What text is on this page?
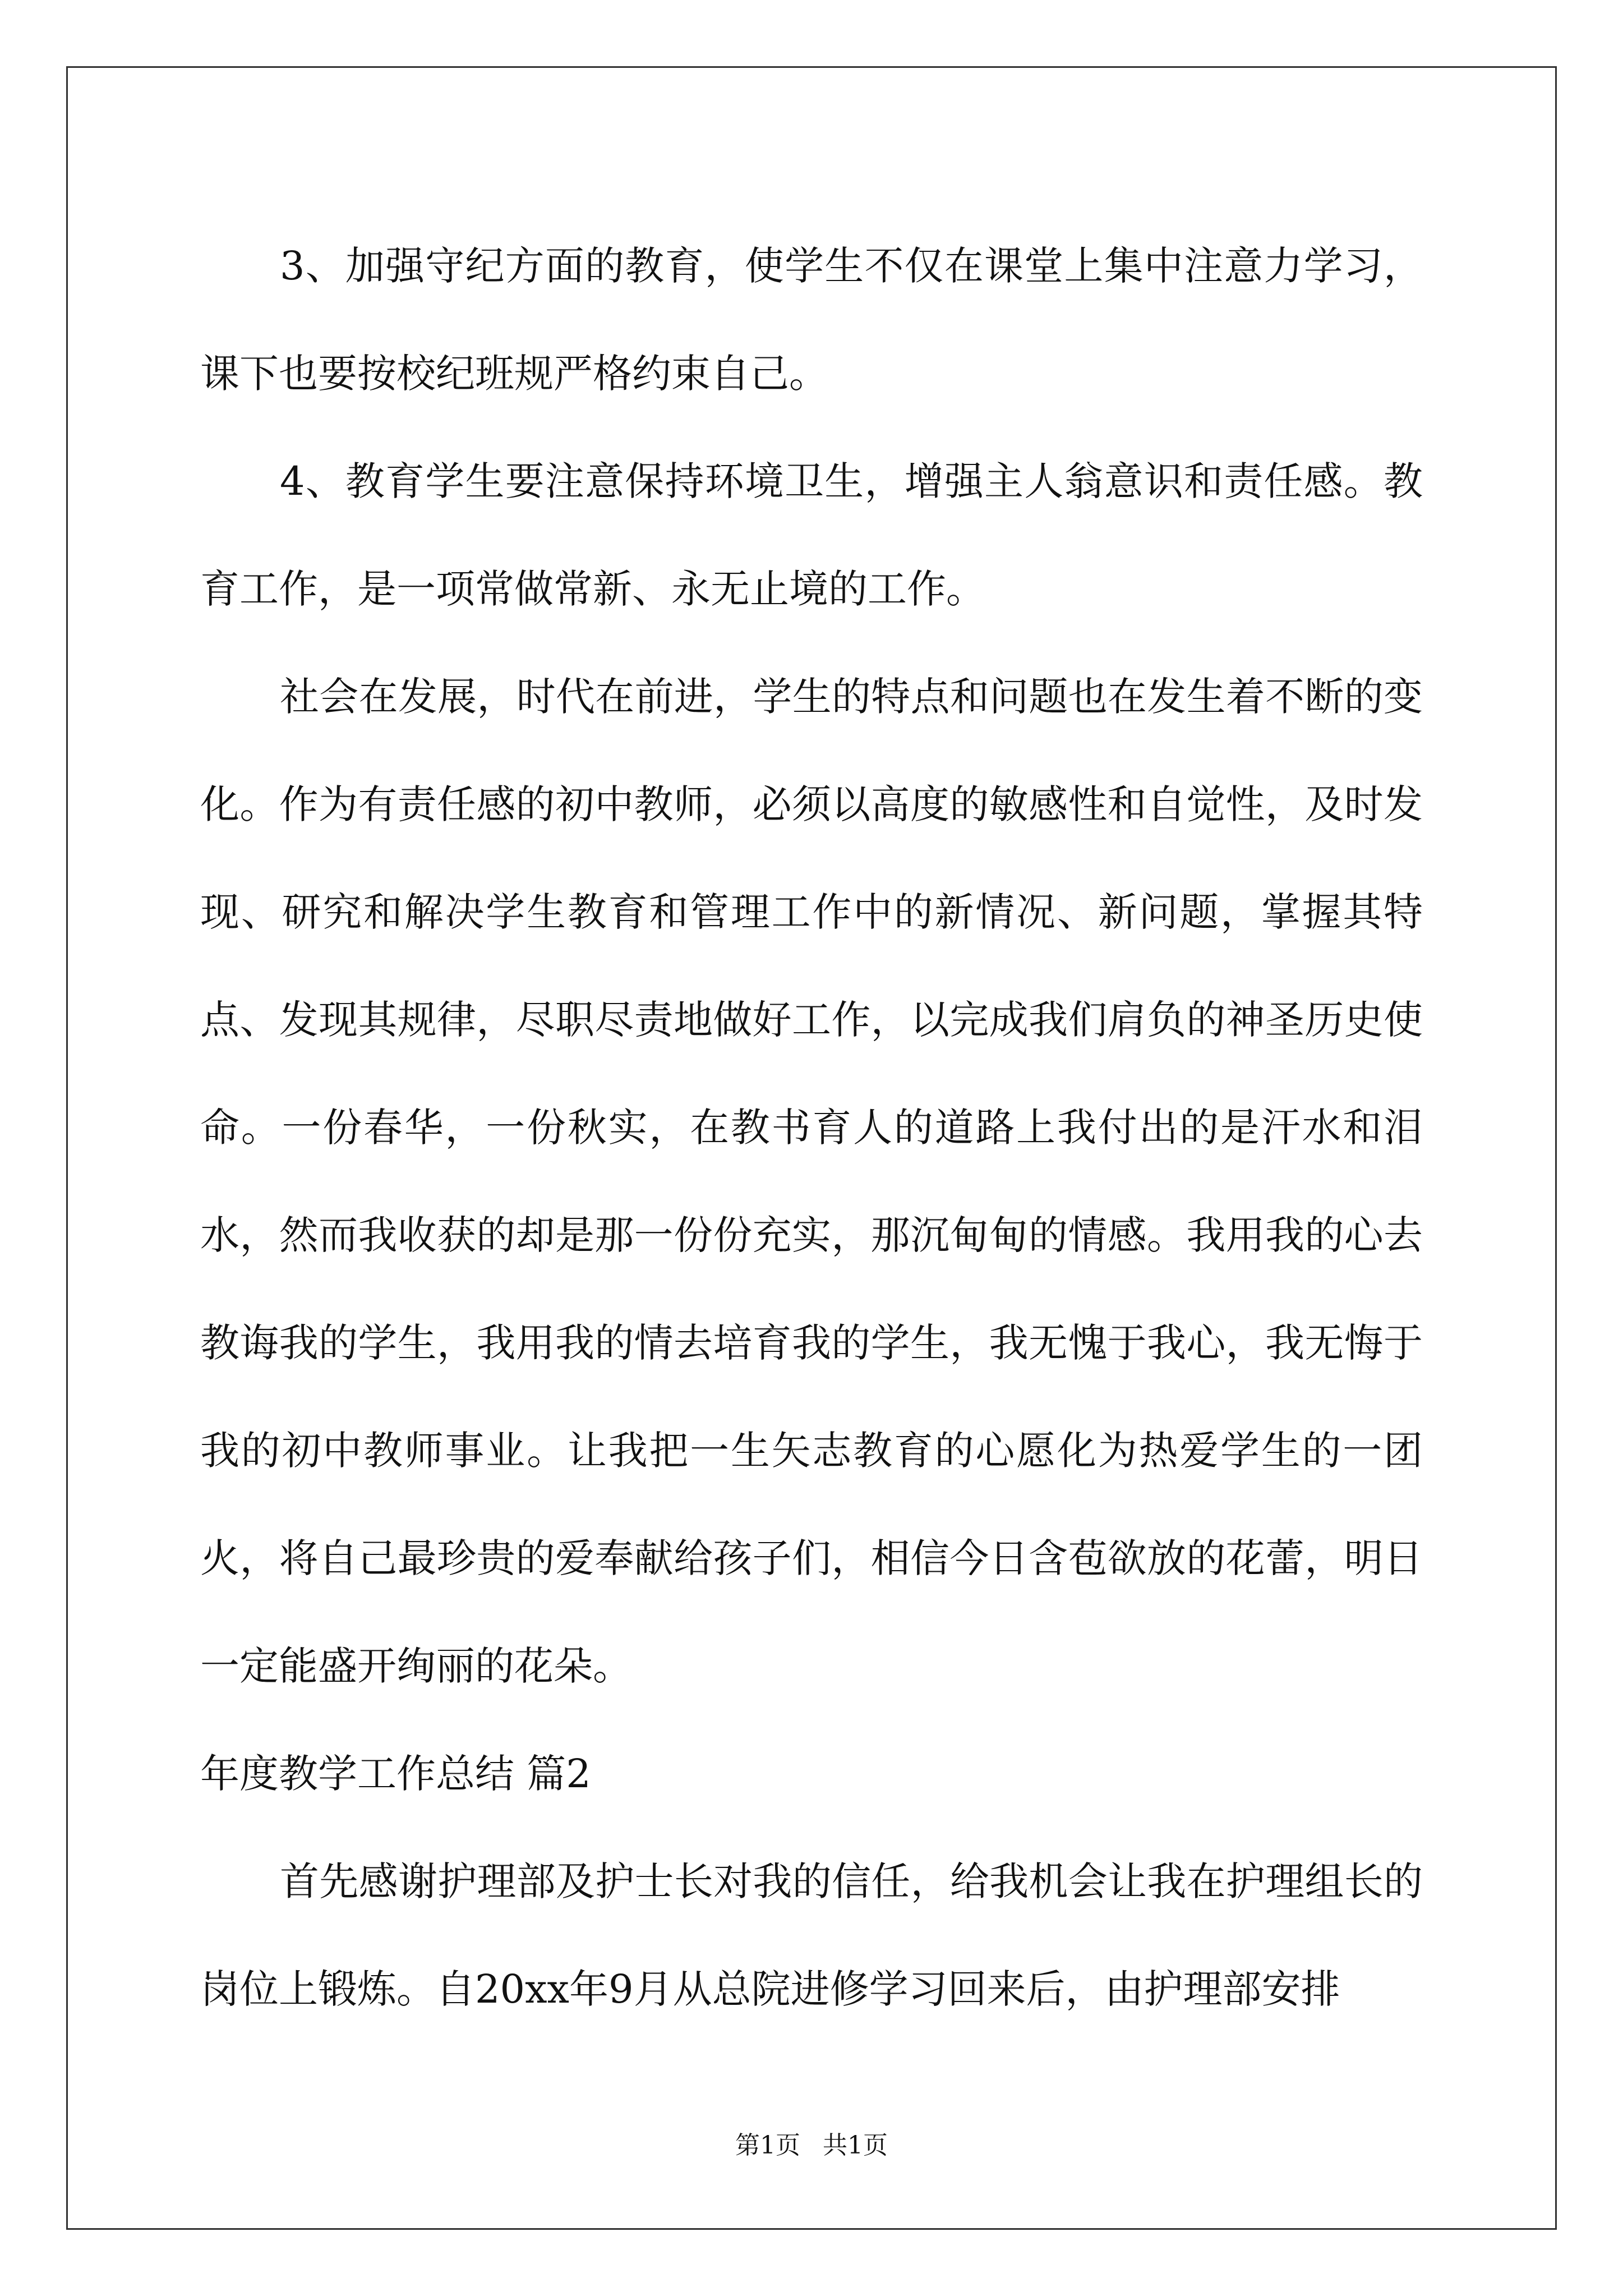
3、加强守纪方面的教育，使学生不仅在课堂上集中注意力学习，课下也要按校纪班规严格约束自己。

4、教育学生要注意保持环境卫生，增强主人翁意识和责任感。教育工作，是一项常做常新、永无止境的工作。

社会在发展，时代在前进，学生的特点和问题也在发生着不断的变化。作为有责任感的初中教师，必须以高度的敏感性和自觉性，及时发现、研究和解决学生教育和管理工作中的新情况、新问题，掌握其特点、发现其规律，尽职尽责地做好工作，以完成我们肩负的神圣历史使命。一份春华，一份秋实，在教书育人的道路上我付出的是汗水和泪水，然而我收获的却是那一份份充实，那沉甸甸的情感。我用我的心去教诲我的学生，我用我的情去培育我的学生，我无愧于我心，我无悔于我的初中教师事业。让我把一生矢志教育的心愿化为热爱学生的一团火，将自己最珍贵的爱奉献给孩子们，相信今日含苞欲放的花蕾，明日一定能盛开绚丽的花朵。

年度教学工作总结 篇2

首先感谢护理部及护士长对我的信任，给我机会让我在护理组长的岗位上锻炼。自20xx年9月从总院进修学习回来后，由护理部安排

第1页 共1页
